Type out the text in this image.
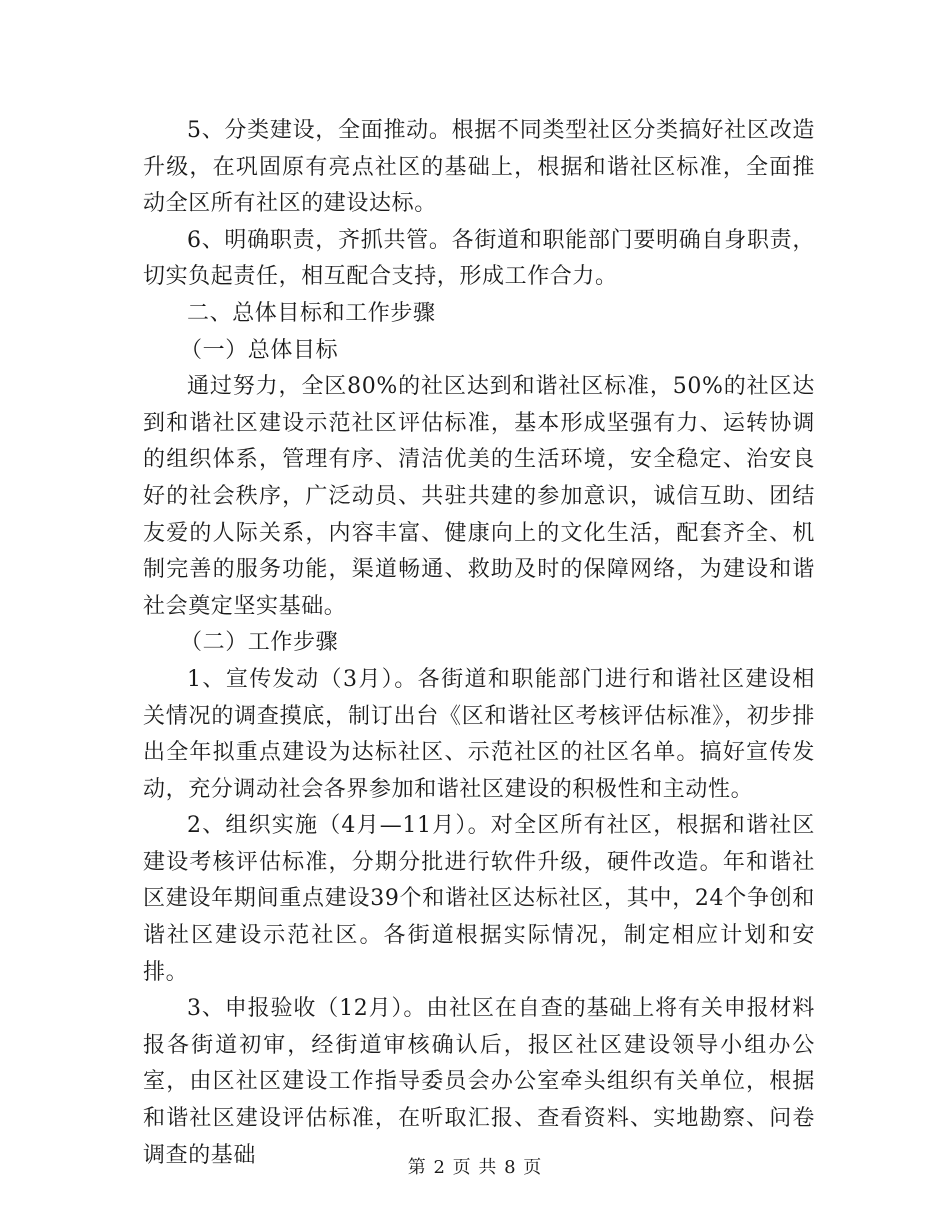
5、分类建设，全面推动。根据不同类型社区分类搞好社区改造升级，在巩固原有亮点社区的基础上，根据和谐社区标准，全面推动全区所有社区的建设达标。

6、明确职责，齐抓共管。各街道和职能部门要明确自身职责，切实负起责任，相互配合支持，形成工作合力。

二、总体目标和工作步骤

（一）总体目标

通过努力，全区80%的社区达到和谐社区标准，50%的社区达到和谐社区建设示范社区评估标准，基本形成坚强有力、运转协调的组织体系，管理有序、清洁优美的生活环境，安全稳定、治安良好的社会秩序，广泛动员、共驻共建的参加意识，诚信互助、团结友爱的人际关系，内容丰富、健康向上的文化生活，配套齐全、机制完善的服务功能，渠道畅通、救助及时的保障网络，为建设和谐社会奠定坚实基础。

（二）工作步骤

1、宣传发动（3月）。各街道和职能部门进行和谐社区建设相关情况的调查摸底，制订出台《区和谐社区考核评估标准》，初步排出全年拟重点建设为达标社区、示范社区的社区名单。搞好宣传发动，充分调动社会各界参加和谐社区建设的积极性和主动性。

2、组织实施（4月—11月）。对全区所有社区，根据和谐社区建设考核评估标准，分期分批进行软件升级，硬件改造。年和谐社区建设年期间重点建设39个和谐社区达标社区，其中，24个争创和谐社区建设示范社区。各街道根据实际情况，制定相应计划和安排。

3、申报验收（12月）。由社区在自查的基础上将有关申报材料报各街道初审，经街道审核确认后，报区社区建设领导小组办公室，由区社区建设工作指导委员会办公室牵头组织有关单位，根据和谐社区建设评估标准，在听取汇报、查看资料、实地勘察、问卷调查的基础	第 2 页 共 8 页
